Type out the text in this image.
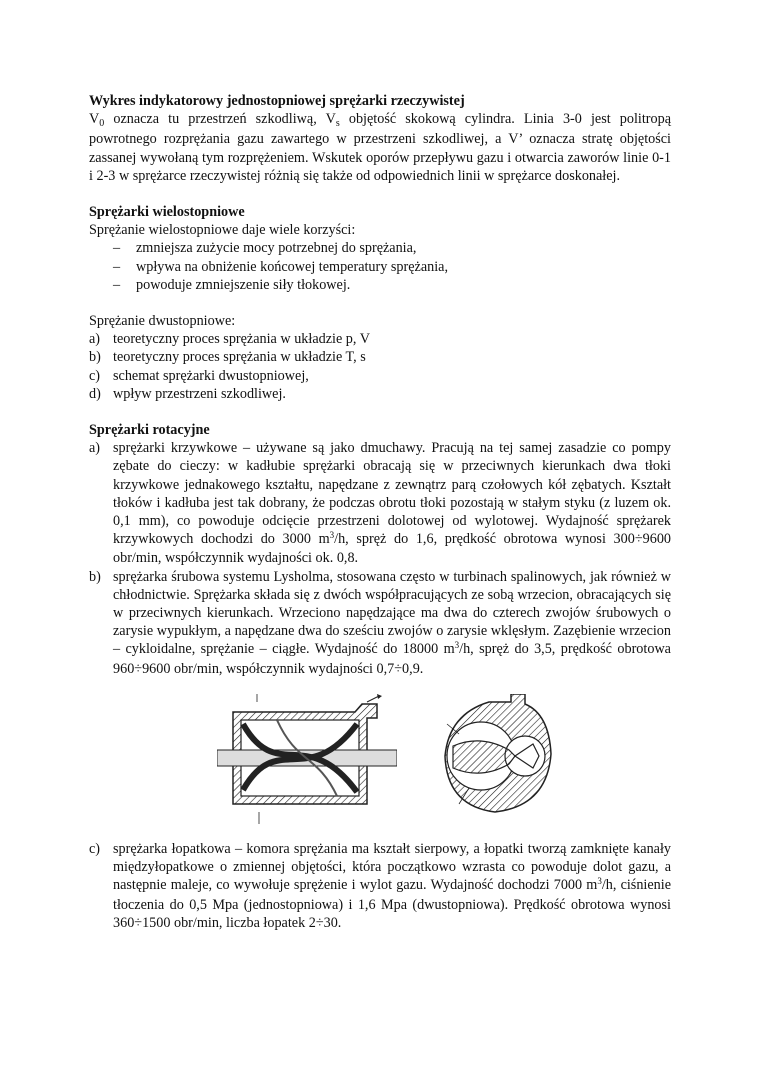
Wykres indykatorowy jednostopniowej sprężarki rzeczywistej

$V_0$ oznacza tu przestrzeń szkodliwą, $V_s$ objętość skokową cylindra. Linia 3-0 jest politropą powrotnego rozprężania gazu zawartego w przestrzeni szkodliwej, a V’ oznacza stratę objętości zassanej wywołaną tym rozprężeniem. Wskutek oporów przepływu gazu i otwarcia zaworów linie 0-1 i 2-3 w sprężarce rzeczywistej różnią się także od odpowiednich linii w sprężarce doskonałej.

Sprężarki wielostopniowe

Sprężanie wielostopniowe daje wiele korzyści:

– zmniejsza zużycie mocy potrzebnej do sprężania,
– wpływa na obniżenie końcowej temperatury sprężania,
– powoduje zmniejszenie siły tłokowej.

Sprężanie dwustopniowe:

a) teoretyczny proces sprężania w układzie p, V
b) teoretyczny proces sprężania w układzie T, s
c) schemat sprężarki dwustopniowej,
d) wpływ przestrzeni szkodliwej.

Sprężarki rotacyjne

a) sprężarki krzywkowe – używane są jako dmuchawy. Pracują na tej samej zasadzie co pompy zębate do cieczy: w kadłubie sprężarki obracają się w przeciwnych kierunkach dwa tłoki krzywkowe jednakowego kształtu, napędzane z zewnątrz parą czołowych kół zębatych. Kształt tłoków i kadłuba jest tak dobrany, że podczas obrotu tłoki pozostają w stałym styku (z luzem ok. 0,1 mm), co powoduje odcięcie przestrzeni dolotowej od wylotowej. Wydajność sprężarek krzywkowych dochodzi do 3000 $m^3/h$, spręż do 1,6, prędkość obrotowa wynosi 300÷9600 obr/min, współczynnik wydajności ok. 0,8.
b) sprężarka śrubowa systemu Lysholma, stosowana często w turbinach spalinowych, jak również w chłodnictwie. Sprężarka składa się z dwóch współpracujących ze sobą wrzecion, obracających się w przeciwnych kierunkach. Wrzeciono napędzające ma dwa do czterech zwojów śrubowych o zarysie wypukłym, a napędzane dwa do sześciu zwojów o zarysie wklęsłym. Zazębienie wrzecion – cykloidalne, sprężanie – ciągłe. Wydajność do 18000 $m^3/h$, spręż do 3,5, prędkość obrotowa 960÷9600 obr/min, współczynnik wydajności 0,7÷0,9.
c) sprężarka łopatkowa – komora sprężania ma kształt sierpowy, a łopatki tworzą zamknięte kanały międzyłopatkowe o zmiennej objętości, która początkowo wzrasta co powoduje dolot gazu, a następnie maleje, co wywołuje sprężenie i wylot gazu. Wydajność dochodzi 7000 $m^3/h$, ciśnienie tłoczenia do 0,5 Mpa (jednostopniowa) i 1,6 Mpa (dwustopniowa). Prędkość obrotowa wynosi 360÷1500 obr/min, liczba łopatek 2÷30.
